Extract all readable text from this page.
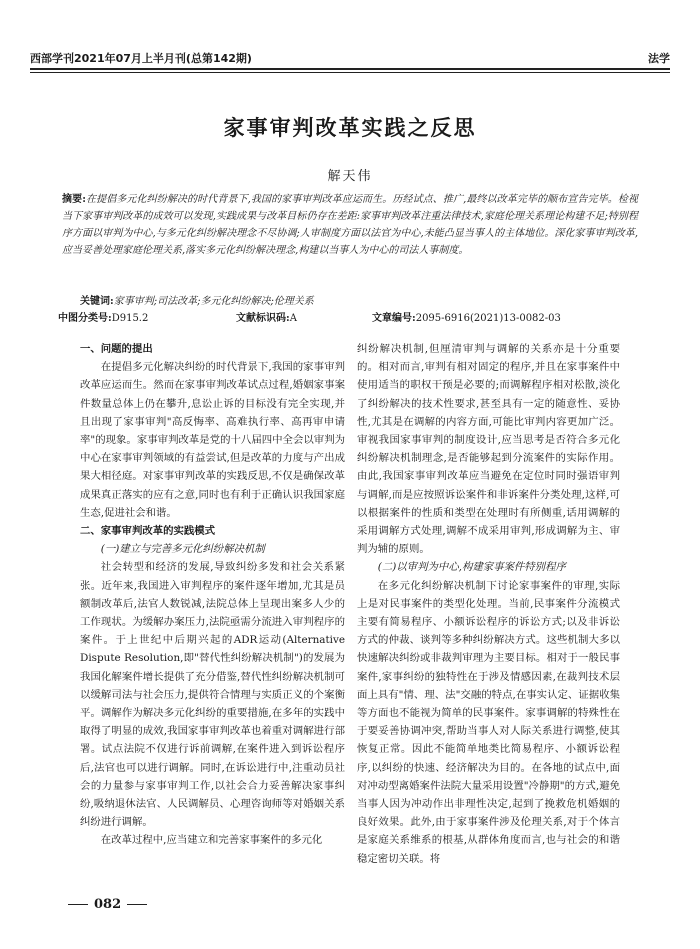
西部学刊2021年07月上半月刊(总第142期)	法学
家事审判改革实践之反思
解天伟
摘要:在提倡多元化纠纷解决的时代背景下,我国的家事审判改革应运而生。历经试点、推广,最终以改革完毕的顺布宣告完毕。检视当下家事审判改革的成效可以发现,实践成果与改革目标仍存在差距:家事审判改革注重法律技术,家庭伦理关系理论构建不足;特别程序方面以审判为中心,与多元化纠纷解决理念不尽协调;人审制度方面以法官为中心,未能凸显当事人的主体地位。深化家事审判改革,应当妥善处理家庭伦理关系,落实多元化纠纷解决理念,构建以当事人为中心的司法人事制度。
关键词:家事审判;司法改革;多元化纠纷解决;伦理关系
中图分类号:D915.2	文献标识码:A	文章编号:2095-6916(2021)13-0082-03
一、问题的提出

在提倡多元化解决纠纷的时代背景下,我国的家事审判改革应运而生。然而在家事审判改革试点过程,婚姻家事案件数量总体上仍在攀升,息讼止诉的目标没有完全实现,并且出现了家事审判"高反悔率、高难执行率、高再审申请率"的现象。家事审判改革是党的十八届四中全会以审判为中心在家事审判领域的有益尝试,但是改革的力度与产出成果大相径庭。对家事审判改革的实践反思,不仅是确保改革成果真正落实的应有之意,同时也有利于正确认识我国家庭生态,促进社会和谐。

二、家事审判改革的实践模式
(一)建立与完善多元化纠纷解决机制

社会转型和经济的发展,导致纠纷多发和社会关系紧张。近年来,我国进入审判程序的案件逐年增加,尤其是员额制改革后,法官人数锐减,法院总体上呈现出案多人少的工作现状。为缓解办案压力,法院亟需分流进入审判程序的案件。于上世纪中后期兴起的ADR运动(Alternative Dispute Resolution,即"替代性纠纷解决机制")的发展为我国化解案件增长提供了充分借鉴,替代性纠纷解决机制可以缓解司法与社会压力,提供符合情理与实质正义的个案衡平。调解作为解决多元化纠纷的重要措施,在多年的实践中取得了明显的成效,我国家事审判改革也着重对调解进行部署。试点法院不仅进行诉前调解,在案件进入到诉讼程序后,法官也可以进行调解。同时,在诉讼进行中,注重动员社会的力量参与家事审判工作,以社会合力妥善解决家事纠纷,吸纳退休法官、人民调解员、心理咨询师等对婚姻关系纠纷进行调解。

在改革过程中,应当建立和完善家事案件的多元化

纠纷解决机制,但厘清审判与调解的关系亦是十分重要的。相对而言,审判有相对固定的程序,并且在家事案件中使用适当的职权干预是必要的;而调解程序相对松散,淡化了纠纷解决的技术性要求,甚至具有一定的随意性、妥协性,尤其是在调解的内容方面,可能比审判内容更加广泛。审视我国家事审判的制度设计,应当思考是否符合多元化纠纷解决机制理念,是否能够起到分流案件的实际作用。由此,我国家事审判改革应当避免在定位时同时强语审判与调解,而是应按照诉讼案件和非诉案件分类处理,这样,可以根据案件的性质和类型在处理时有所侧重,话用调解的采用调解方式处理,调解不成采用审判,形成调解为主、审判为辅的原则。

(二)以审判为中心,构建家事案件特别程序

在多元化纠纷解决机制下讨论家事案件的审理,实际上是对民事案件的类型化处理。当前,民事案件分流模式主要有简易程序、小额诉讼程序的诉讼方式;以及非诉讼方式的仲裁、谈判等多种纠纷解决方式。这些机制大多以快速解决纠纷或非裁判审理为主要目标。相对于一般民事案件,家事纠纷的独特性在于涉及情感因素,在裁判技术层面上具有"情、理、法"交融的特点,在事实认定、证据收集等方面也不能视为简单的民事案件。家事调解的特殊性在于要妥善协调冲突,帮助当事人对人际关系进行调整,使其恢复正常。因此不能简单地类比简易程序、小额诉讼程序,以纠纷的快速、经济解决为目的。在各地的试点中,面对冲动型离婚案件法院大量采用设置"冷静期"的方式,避免当事人因为冲动作出非理性决定,起到了挽救危机婚姻的良好效果。此外,由于家事案件涉及伦理关系,对于个体言是家庭关系维系的根基,从群体角度而言,也与社会的和谐稳定密切关联。将

082
